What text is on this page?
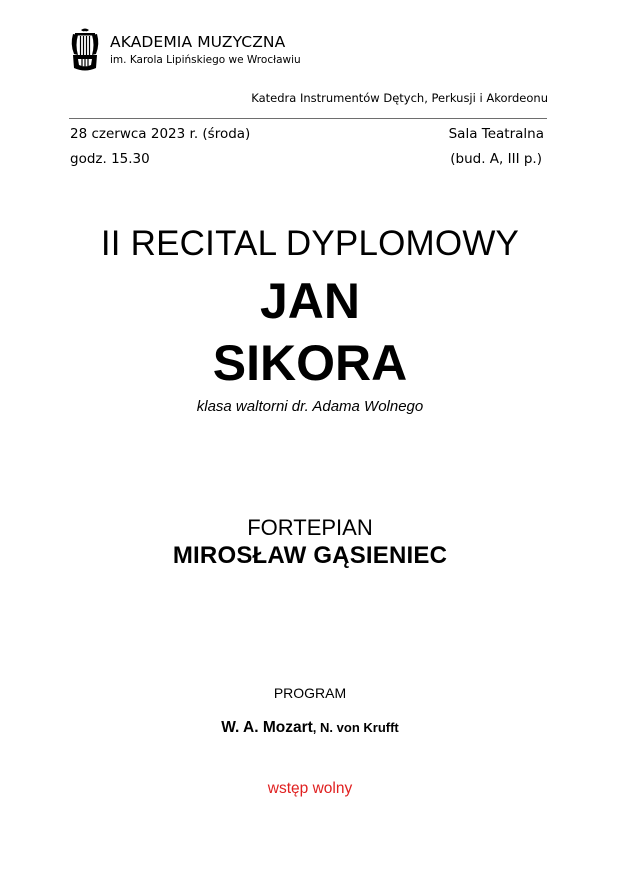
AKADEMIA MUZYCZNA
im. Karola Lipińskiego we Wrocławiu
Katedra Instrumentów Dętych, Perkusji i Akordeonu
28 czerwca 2023 r. (środa)
godz. 15.30
Sala Teatralna
(bud. A, III p.)
II RECITAL DYPLOMOWY
JAN
SIKORA
klasa waltorni dr. Adama Wolnego
FORTEPIAN
MIROSŁAW GĄSIENIEC
PROGRAM
W. A. Mozart, N. von Krufft
wstęp wolny
